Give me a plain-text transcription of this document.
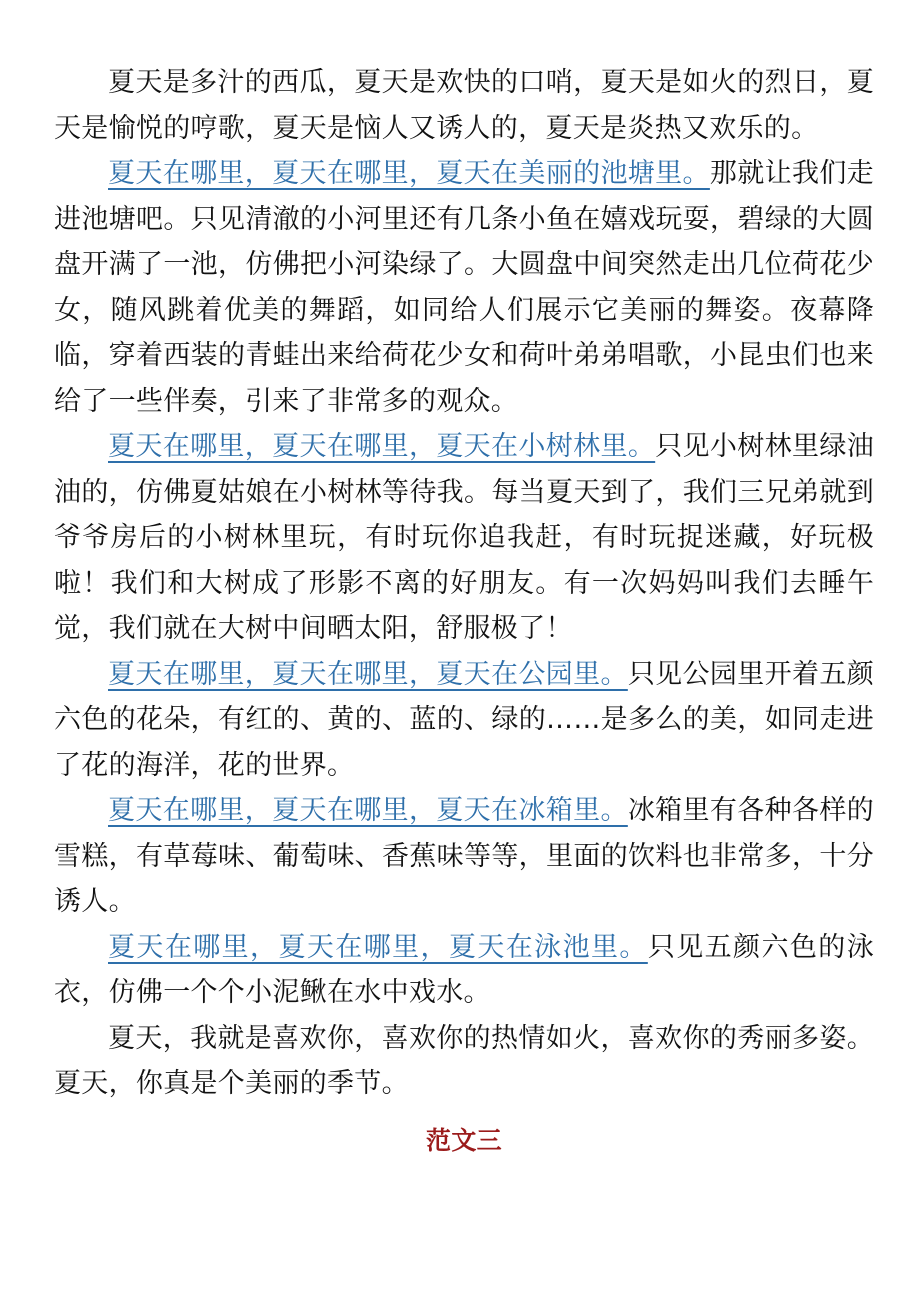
夏天是多汁的西瓜，夏天是欢快的口哨，夏天是如火的烈日，夏天是愉悦的哼歌，夏天是恼人又诱人的，夏天是炎热又欢乐的。

夏天在哪里，夏天在哪里，夏天在美丽的池塘里。那就让我们走进池塘吧。只见清澈的小河里还有几条小鱼在嬉戏玩耍，碧绿的大圆盘开满了一池，仿佛把小河染绿了。大圆盘中间突然走出几位荷花少女，随风跳着优美的舞蹈，如同给人们展示它美丽的舞姿。夜幕降临，穿着西装的青蛙出来给荷花少女和荷叶弟弟唱歌，小昆虫们也来给了一些伴奏，引来了非常多的观众。

夏天在哪里，夏天在哪里，夏天在小树林里。只见小树林里绿油油的，仿佛夏姑娘在小树林等待我。每当夏天到了，我们三兄弟就到爷爷房后的小树林里玩，有时玩你追我赶，有时玩捉迷藏，好玩极啦！我们和大树成了形影不离的好朋友。有一次妈妈叫我们去睡午觉，我们就在大树中间晒太阳，舒服极了！

夏天在哪里，夏天在哪里，夏天在公园里。只见公园里开着五颜六色的花朵，有红的、黄的、蓝的、绿的……是多么的美，如同走进了花的海洋，花的世界。

夏天在哪里，夏天在哪里，夏天在冰箱里。冰箱里有各种各样的雪糕，有草莓味、葡萄味、香蕉味等等，里面的饮料也非常多，十分诱人。

夏天在哪里，夏天在哪里，夏天在泳池里。只见五颜六色的泳衣，仿佛一个个小泥鳅在水中戏水。

夏天，我就是喜欢你，喜欢你的热情如火，喜欢你的秀丽多姿。夏天，你真是个美丽的季节。

范文三
